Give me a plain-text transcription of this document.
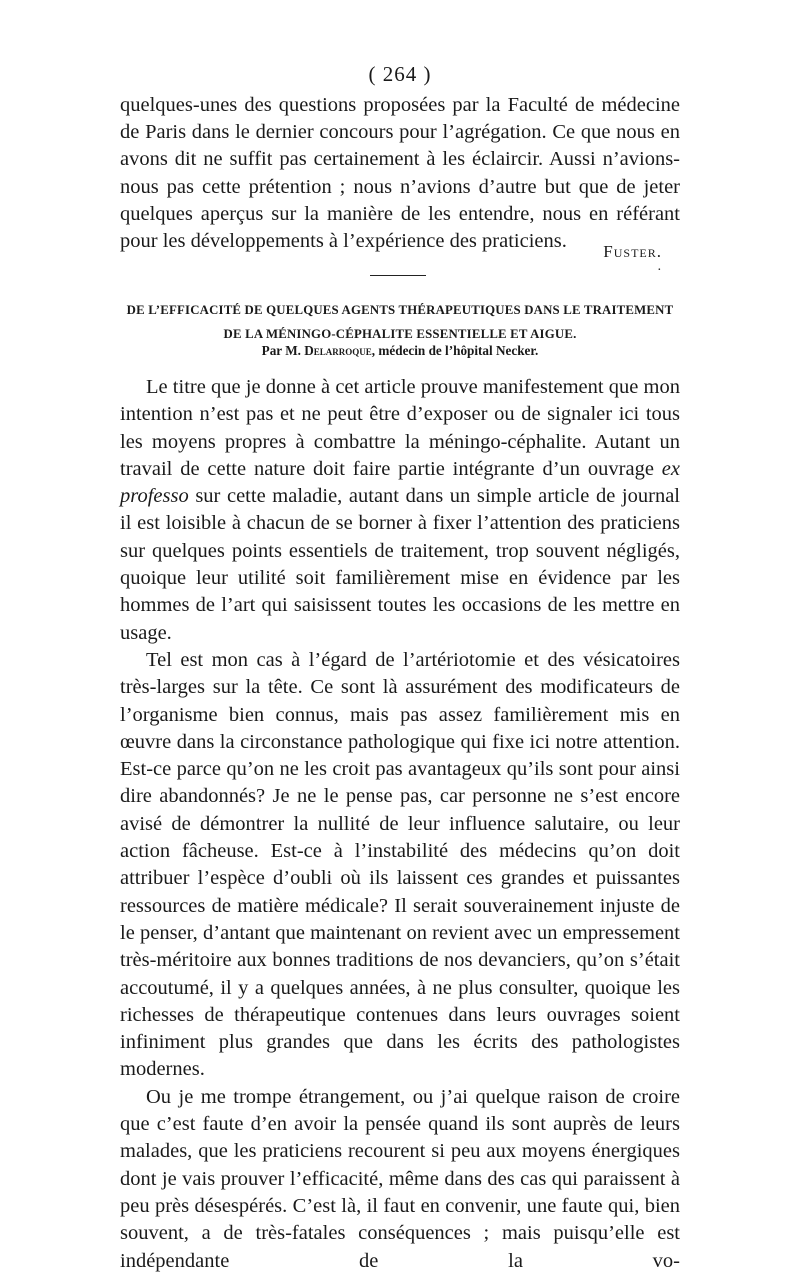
( 264 )

quelques-unes des questions proposées par la Faculté de médecine de Paris dans le dernier concours pour l’agrégation. Ce que nous en avons dit ne suffit pas certainement à les éclaircir. Aussi n’avions-nous pas cette prétention ; nous n’avions d’autre but que de jeter quelques aperçus sur la manière de les entendre, nous en référant pour les développements à l’expérience des praticiens.	Fuster.
·
DE L’EFFICACITÉ DE QUELQUES AGENTS THÉRAPEUTIQUES DANS LE TRAITEMENT
DE LA MÉNINGO-CÉPHALITE ESSENTIELLE ET AIGUE.
Par M. Delarroque, médecin de l’hôpital Necker.

Le titre que je donne à cet article prouve manifestement que mon intention n’est pas et ne peut être d’exposer ou de signaler ici tous les moyens propres à combattre la méningo-céphalite. Autant un travail de cette nature doit faire partie intégrante d’un ouvrage ex professo sur cette maladie, autant dans un simple article de journal il est loisible à chacun de se borner à fixer l’attention des praticiens sur quelques points essentiels de traitement, trop souvent négligés, quoique leur utilité soit familièrement mise en évidence par les hommes de l’art qui saisissent toutes les occasions de les mettre en usage.

Tel est mon cas à l’égard de l’artériotomie et des vésicatoires très-larges sur la tête. Ce sont là assurément des modificateurs de l’organisme bien connus, mais pas assez familièrement mis en œuvre dans la circonstance pathologique qui fixe ici notre attention. Est-ce parce qu’on ne les croit pas avantageux qu’ils sont pour ainsi dire abandonnés? Je ne le pense pas, car personne ne s’est encore avisé de démontrer la nullité de leur influence salutaire, ou leur action fâcheuse. Est-ce à l’instabilité des médecins qu’on doit attribuer l’espèce d’oubli où ils laissent ces grandes et puissantes ressources de matière médicale? Il serait souverainement injuste de le penser, d’antant que maintenant on revient avec un empressement très-méritoire aux bonnes traditions de nos devanciers, qu’on s’était accoutumé, il y a quelques années, à ne plus consulter, quoique les richesses de thérapeutique contenues dans leurs ouvrages soient infiniment plus grandes que dans les écrits des pathologistes modernes.

Ou je me trompe étrangement, ou j’ai quelque raison de croire que c’est faute d’en avoir la pensée quand ils sont auprès de leurs malades, que les praticiens recourent si peu aux moyens énergiques dont je vais prouver l’efficacité, même dans des cas qui paraissent à peu près désespérés. C’est là, il faut en convenir, une faute qui, bien souvent, a de très-fatales conséquences ; mais puisqu’elle est indépendante de la vo-
